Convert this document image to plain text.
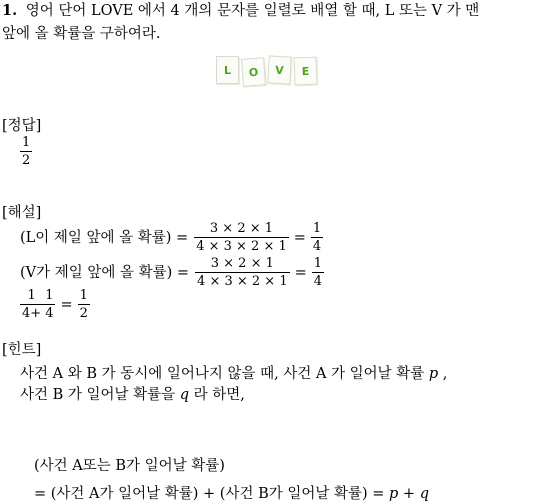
1. 영어 단어 LOVE 에서 4 개의 문자를 일렬로 배열 할 때, L 또는 V 가 맨
앞에 올 확률을 구하여라.
L	O	V	E
[정답]
$\frac{1}{2}$
[해설]
(L이 제일 앞에 올 확률) = $\frac{3 \times 2 \times 1}{4 \times 3 \times 2 \times 1} = \frac{1}{4}$
(V가 제일 앞에 올 확률) = $\frac{3 \times 2 \times 1}{4 \times 3 \times 2 \times 1} = \frac{1}{4}$
$\frac{1}{4+} \frac{1}{4} = \frac{1}{2}$
[힌트]
사건 A 와 B 가 동시에 일어나지 않을 때, 사건 A 가 일어날 확률 p ,
사건 B 가 일어날 확률을 q 라 하면,
(사건 A또는 B가 일어날 확률)
= (사건 A가 일어날 확률) + (사건 B가 일어날 확률) = p + q
